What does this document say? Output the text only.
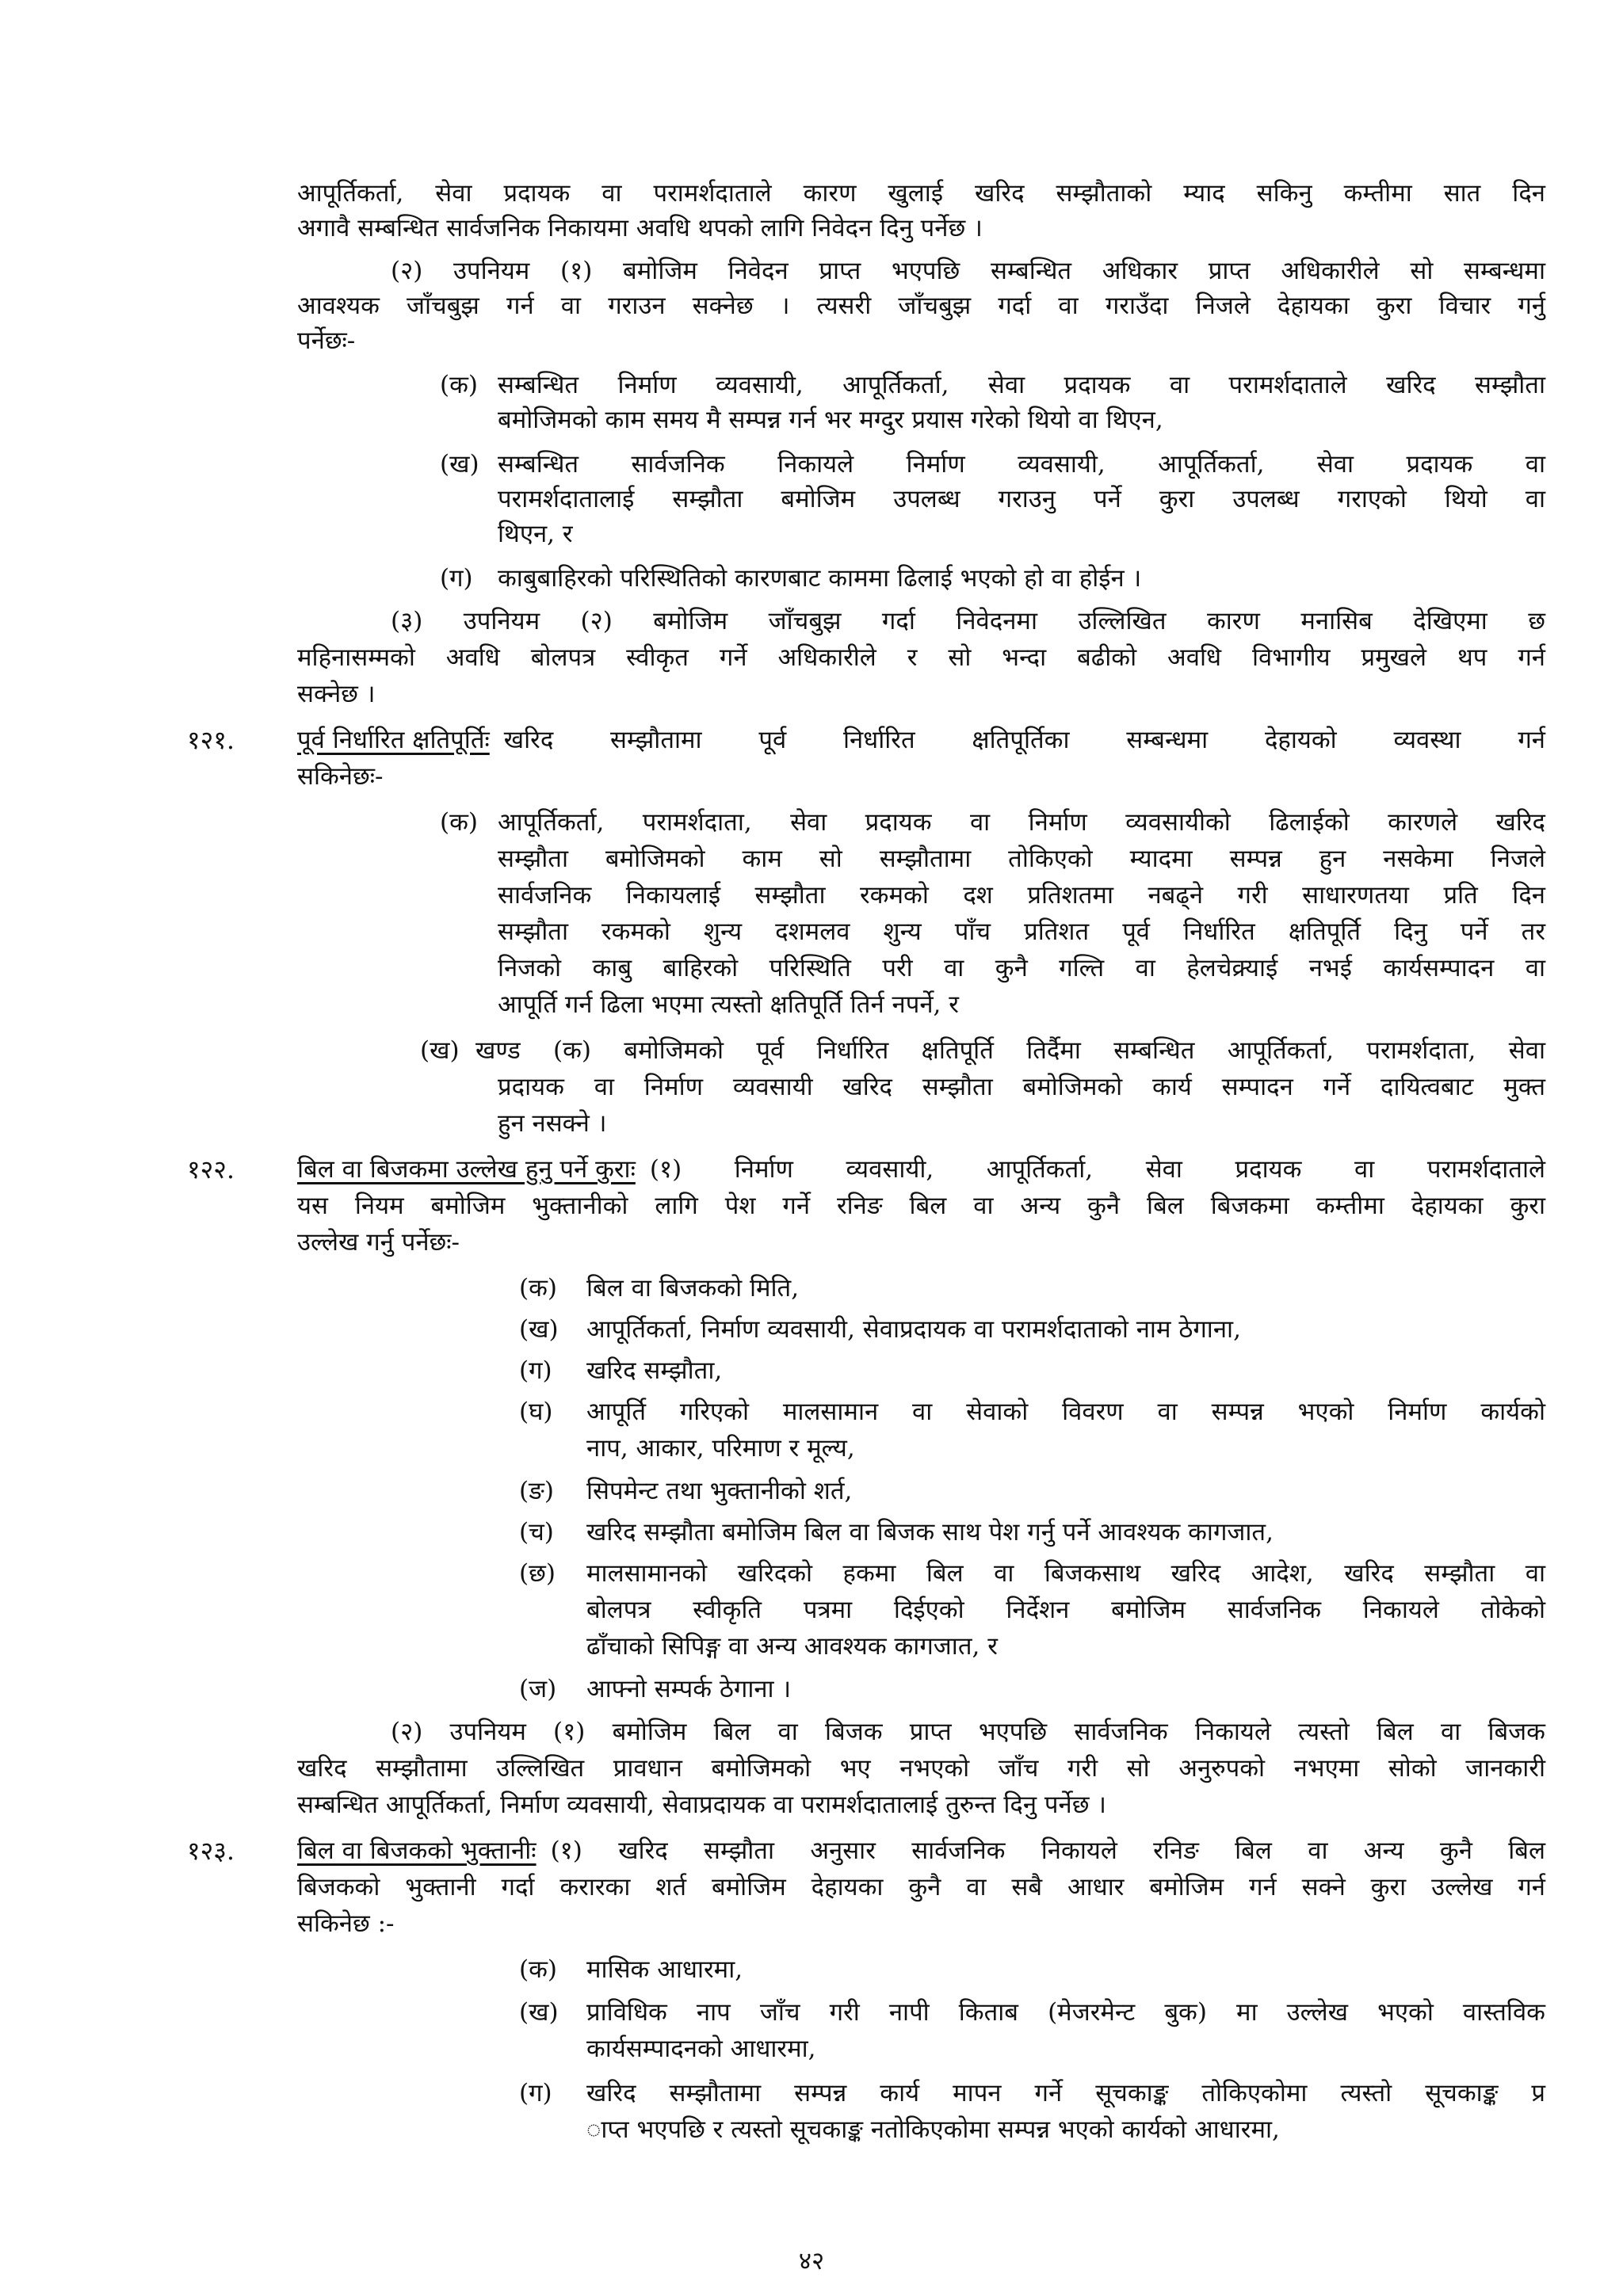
आपूर्तिकर्ता, सेवा प्रदायक वा परामर्शदाताले कारण खुलाई खरिद सम्झौताको म्याद सकिनु कम्तीमा सात दिन
अगावै सम्बन्धित सार्वजनिक निकायमा अवधि थपको लागि निवेदन दिनु पर्नेछ ।
(२) उपनियम (१) बमोजिम निवेदन प्राप्त भएपछि सम्बन्धित अधिकार प्राप्त अधिकारीले सो सम्बन्धमा
आवश्यक जाँचबुझ गर्न वा गराउन सक्नेछ । त्यसरी जाँचबुझ गर्दा वा गराउँदा निजले देहायका कुरा विचार गर्नु
पर्नेछः-
(क) सम्बन्धित निर्माण व्यवसायी, आपूर्तिकर्ता, सेवा प्रदायक वा परामर्शदाताले खरिद सम्झौता
बमोजिमको काम समय मै सम्पन्न गर्न भर मग्दुर प्रयास गरेको थियो वा थिएन,
(ख) सम्बन्धित सार्वजनिक निकायले निर्माण व्यवसायी, आपूर्तिकर्ता, सेवा प्रदायक वा
परामर्शदातालाई सम्झौता बमोजिम उपलब्ध गराउनु पर्ने कुरा उपलब्ध गराएको थियो वा
थिएन, र
(ग) काबुबाहिरको परिस्थितिको कारणबाट काममा ढिलाई भएको हो वा होईन ।
(३) उपनियम (२) बमोजिम जाँचबुझ गर्दा निवेदनमा उल्लिखित कारण मनासिब देखिएमा छ
महिनासम्मको अवधि बोलपत्र स्वीकृत गर्ने अधिकारीले र सो भन्दा बढीको अवधि विभागीय प्रमुखले थप गर्न
सक्नेछ ।
१२१.	पूर्व निर्धारित क्षतिपूर्तिः खरिद सम्झौतामा पूर्व निर्धारित क्षतिपूर्तिका सम्बन्धमा देहायको व्यवस्था गर्न
सकिनेछः-
(क) आपूर्तिकर्ता, परामर्शदाता, सेवा प्रदायक वा निर्माण व्यवसायीको ढिलाईको कारणले खरिद
सम्झौता बमोजिमको काम सो सम्झौतामा तोकिएको म्यादमा सम्पन्न हुन नसकेमा निजले
सार्वजनिक निकायलाई सम्झौता रकमको दश प्रतिशतमा नबढ्ने गरी साधारणतया प्रति दिन
सम्झौता रकमको शुन्य दशमलव शुन्य पाँच प्रतिशत पूर्व निर्धारित क्षतिपूर्ति दिनु पर्ने तर
निजको काबु बाहिरको परिस्थिति परी वा कुनै गल्ति वा हेलचेक्र्याई नभई कार्यसम्पादन वा
आपूर्ति गर्न ढिला भएमा त्यस्तो क्षतिपूर्ति तिर्न नपर्ने, र
(ख) खण्ड (क) बमोजिमको पूर्व निर्धारित क्षतिपूर्ति तिर्दैमा सम्बन्धित आपूर्तिकर्ता, परामर्शदाता, सेवा
प्रदायक वा निर्माण व्यवसायी खरिद सम्झौता बमोजिमको कार्य सम्पादन गर्ने दायित्वबाट मुक्त
हुन नसक्ने ।
१२२.	बिल वा बिजकमा उल्लेख हुनु पर्ने कुराः (१) निर्माण व्यवसायी, आपूर्तिकर्ता, सेवा प्रदायक वा परामर्शदाताले
यस नियम बमोजिम भुक्तानीको लागि पेश गर्ने रनिङ बिल वा अन्य कुनै बिल बिजकमा कम्तीमा देहायका कुरा
उल्लेख गर्नु पर्नेछः-
(क) बिल वा बिजकको मिति,
(ख) आपूर्तिकर्ता, निर्माण व्यवसायी, सेवाप्रदायक वा परामर्शदाताको नाम ठेगाना,
(ग) खरिद सम्झौता,
(घ) आपूर्ति गरिएको मालसामान वा सेवाको विवरण वा सम्पन्न भएको निर्माण कार्यको
नाप, आकार, परिमाण र मूल्य,
(ङ) सिपमेन्ट तथा भुक्तानीको शर्त,
(च) खरिद सम्झौता बमोजिम बिल वा बिजक साथ पेश गर्नु पर्ने आवश्यक कागजात,
(छ) मालसामानको खरिदको हकमा बिल वा बिजकसाथ खरिद आदेश, खरिद सम्झौता वा
बोलपत्र स्वीकृति पत्रमा दिईएको निर्देशन बमोजिम सार्वजनिक निकायले तोकेको
ढाँचाको सिपिङ्ग वा अन्य आवश्यक कागजात, र
(ज) आफ्नो सम्पर्क ठेगाना ।
(२) उपनियम (१) बमोजिम बिल वा बिजक प्राप्त भएपछि सार्वजनिक निकायले त्यस्तो बिल वा बिजक
खरिद सम्झौतामा उल्लिखित प्रावधान बमोजिमको भए नभएको जाँच गरी सो अनुरुपको नभएमा सोको जानकारी
सम्बन्धित आपूर्तिकर्ता, निर्माण व्यवसायी, सेवाप्रदायक वा परामर्शदातालाई तुरुन्त दिनु पर्नेछ ।
१२३.	बिल वा बिजकको भुक्तानीः (१) खरिद सम्झौता अनुसार सार्वजनिक निकायले रनिङ बिल वा अन्य कुनै बिल
बिजकको भुक्तानी गर्दा करारका शर्त बमोजिम देहायका कुनै वा सबै आधार बमोजिम गर्न सक्ने कुरा उल्लेख गर्न
सकिनेछ :-
(क) मासिक आधारमा,
(ख) प्राविधिक नाप जाँच गरी नापी किताब (मेजरमेन्ट बुक) मा उल्लेख भएको वास्तविक
कार्यसम्पादनको आधारमा,
(ग) खरिद सम्झौतामा सम्पन्न कार्य मापन गर्ने सूचकाङ्क तोकिएकोमा त्यस्तो सूचकाङ्क प्र
ाप्त भएपछि र त्यस्तो सूचकाङ्क नतोकिएकोमा सम्पन्न भएको कार्यको आधारमा,
४२
